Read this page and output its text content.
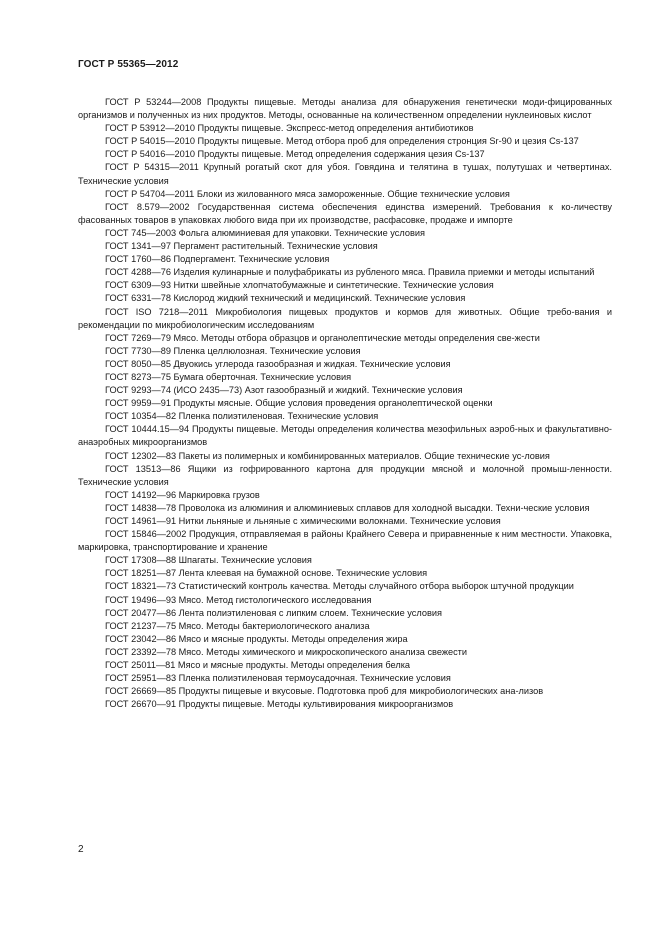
ГОСТ Р 55365—2012

ГОСТ Р 53244—2008 Продукты пищевые. Методы анализа для обнаружения генетически моди-фицированных организмов и полученных из них продуктов. Методы, основанные на количественном определении нуклеиновых кислот

ГОСТ Р 53912—2010 Продукты пищевые. Экспресс-метод определения антибиотиков

ГОСТ Р 54015—2010 Продукты пищевые. Метод отбора проб для определения стронция Sr-90 и цезия Cs-137

ГОСТ Р 54016—2010 Продукты пищевые. Метод определения содержания цезия Cs-137

ГОСТ Р 54315—2011 Крупный рогатый скот для убоя. Говядина и телятина в тушах, полутушах и четвертинах. Технические условия

ГОСТ Р 54704—2011 Блоки из жилованного мяса замороженные. Общие технические условия

ГОСТ 8.579—2002 Государственная система обеспечения единства измерений. Требования к ко-личеству фасованных товаров в упаковках любого вида при их производстве, расфасовке, продаже и импорте

ГОСТ 745—2003 Фольга алюминиевая для упаковки. Технические условия

ГОСТ 1341—97 Пергамент растительный. Технические условия

ГОСТ 1760—86 Подпергамент. Технические условия

ГОСТ 4288—76 Изделия кулинарные и полуфабрикаты из рубленого мяса. Правила приемки и методы испытаний

ГОСТ 6309—93 Нитки швейные хлопчатобумажные и синтетические. Технические условия

ГОСТ 6331—78 Кислород жидкий технический и медицинский. Технические условия

ГОСТ ISO 7218—2011 Микробиология пищевых продуктов и кормов для животных. Общие требо-вания и рекомендации по микробиологическим исследованиям

ГОСТ 7269—79 Мясо. Методы отбора образцов и органолептические методы определения све-жести

ГОСТ 7730—89 Пленка целлюлозная. Технические условия

ГОСТ 8050—85 Двуокись углерода газообразная и жидкая. Технические условия

ГОСТ 8273—75 Бумага оберточная. Технические условия

ГОСТ 9293—74 (ИСО 2435—73) Азот газообразный и жидкий. Технические условия

ГОСТ 9959—91 Продукты мясные. Общие условия проведения органолептической оценки

ГОСТ 10354—82 Пленка полиэтиленовая. Технические условия

ГОСТ 10444.15—94 Продукты пищевые. Методы определения количества мезофильных аэроб-ных и факультативно-анаэробных микроорганизмов

ГОСТ 12302—83 Пакеты из полимерных и комбинированных материалов. Общие технические ус-ловия

ГОСТ 13513—86 Ящики из гофрированного картона для продукции мясной и молочной промыш-ленности. Технические условия

ГОСТ 14192—96 Маркировка грузов

ГОСТ 14838—78 Проволока из алюминия и алюминиевых сплавов для холодной высадки. Техни-ческие условия

ГОСТ 14961—91 Нитки льняные и льняные с химическими волокнами. Технические условия

ГОСТ 15846—2002 Продукция, отправляемая в районы Крайнего Севера и приравненные к ним местности. Упаковка, маркировка, транспортирование и хранение

ГОСТ 17308—88 Шпагаты. Технические условия

ГОСТ 18251—87 Лента клеевая на бумажной основе. Технические условия

ГОСТ 18321—73 Статистический контроль качества. Методы случайного отбора выборок штучной продукции

ГОСТ 19496—93 Мясо. Метод гистологического исследования

ГОСТ 20477—86 Лента полиэтиленовая с липким слоем. Технические условия

ГОСТ 21237—75 Мясо. Методы бактериологического анализа

ГОСТ 23042—86 Мясо и мясные продукты. Методы определения жира

ГОСТ 23392—78 Мясо. Методы химического и микроскопического анализа свежести

ГОСТ 25011—81 Мясо и мясные продукты. Методы определения белка

ГОСТ 25951—83 Пленка полиэтиленовая термоусадочная. Технические условия

ГОСТ 26669—85 Продукты пищевые и вкусовые. Подготовка проб для микробиологических ана-лизов

ГОСТ 26670—91 Продукты пищевые. Методы культивирования микроорганизмов

2
